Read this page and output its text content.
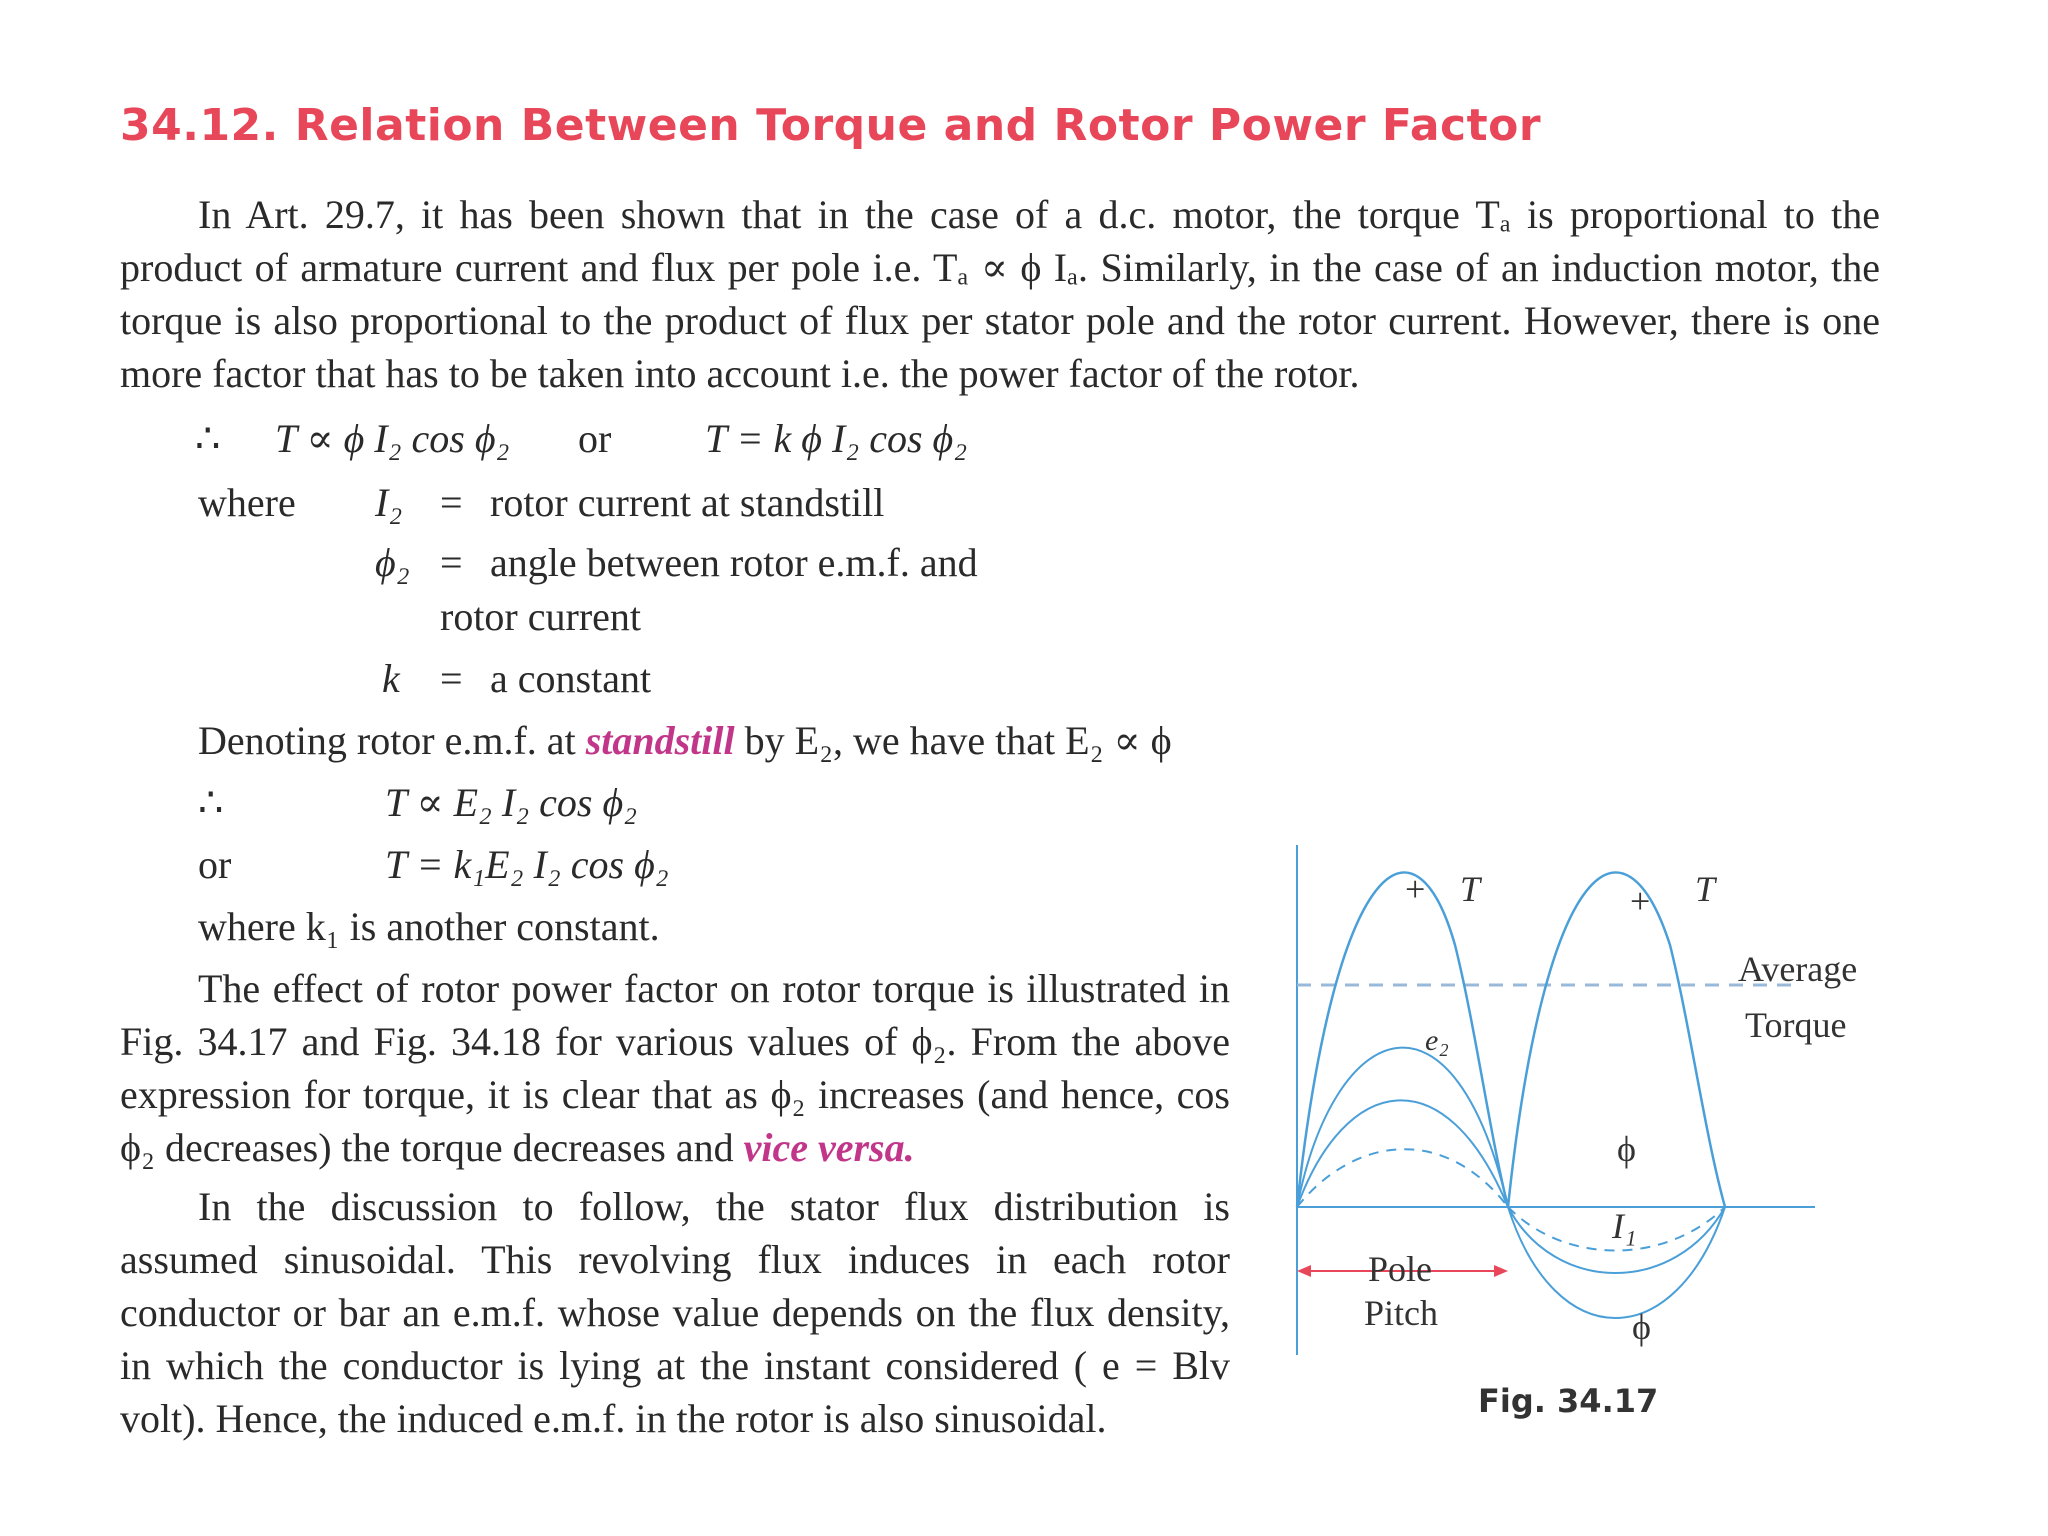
34.12. Relation Between Torque and Rotor Power Factor

In Art. 29.7, it has been shown that in the case of a d.c. motor, the torque Tₐ is proportional to the product of armature current and flux per pole i.e. Tₐ ∝ ϕ Iₐ. Similarly, in the case of an induction motor, the torque is also proportional to the product of flux per stator pole and the rotor current. However, there is one more factor that has to be taken into account i.e. the power factor of the rotor.

∴ T ∝ ϕ I₂ cos ϕ₂ or T = k ϕ I₂ cos ϕ₂
where I₂ = rotor current at standstill
ϕ₂ = angle between rotor e.m.f. and
rotor current
k = a constant
Denoting rotor e.m.f. at standstill by E₂, we have that E₂ ∝ ϕ
∴	T ∝ E₂ I₂ cos ϕ₂
or	T = k₁E₂ I₂ cos ϕ₂
where k₁ is another constant.

The effect of rotor power factor on rotor torque is illustrated in Fig. 34.17 and Fig. 34.18 for various values of ϕ₂. From the above expression for torque, it is clear that as ϕ₂ increases (and hence, cos ϕ₂ decreases) the torque decreases and vice versa.

In the discussion to follow, the stator flux distribution is assumed sinusoidal. This revolving flux induces in each rotor conductor or bar an e.m.f. whose value depends on the flux density, in which the conductor is lying at the instant considered ( e = Blv volt). Hence, the induced e.m.f. in the rotor is also sinusoidal.

+ T	+ T
Average
Torque
e₂
ϕ
I₁
ϕ
Pole
Pitch
Fig. 34.17
